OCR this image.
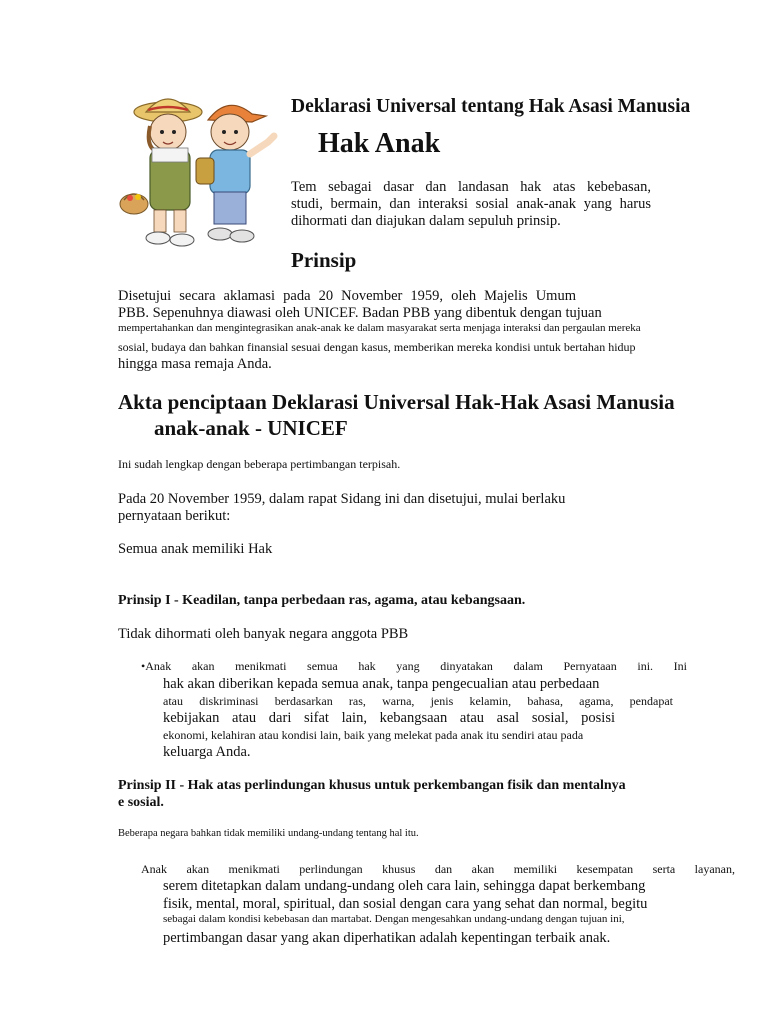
Deklarasi Universal tentang Hak Asasi Manusia
Hak Anak
Tem sebagai dasar dan landasan hak atas kebebasan,
studi, bermain, dan interaksi sosial anak-anak yang harus
dihormati dan diajukan dalam sepuluh prinsip.
Prinsip
Disetujui secara aklamasi pada 20 November 1959, oleh Majelis Umum
PBB. Sepenuhnya diawasi oleh UNICEF. Badan PBB yang dibentuk dengan tujuan
mempertahankan dan mengintegrasikan anak-anak ke dalam masyarakat serta menjaga interaksi dan pergaulan mereka
sosial, budaya dan bahkan finansial sesuai dengan kasus, memberikan mereka kondisi untuk bertahan hidup
hingga masa remaja Anda.
Akta penciptaan Deklarasi Universal Hak-Hak Asasi Manusia
anak-anak - UNICEF
Ini sudah lengkap dengan beberapa pertimbangan terpisah.
Pada 20 November 1959, dalam rapat Sidang ini dan disetujui, mulai berlaku
pernyataan berikut:
Semua anak memiliki Hak
Prinsip I - Keadilan, tanpa perbedaan ras, agama, atau kebangsaan.
Tidak dihormati oleh banyak negara anggota PBB
•Anak akan menikmati semua hak yang dinyatakan dalam Pernyataan ini. Ini
hak akan diberikan kepada semua anak, tanpa pengecualian atau perbedaan
atau diskriminasi berdasarkan ras, warna, jenis kelamin, bahasa, agama, pendapat
kebijakan atau dari sifat lain, kebangsaan atau asal sosial, posisi
ekonomi, kelahiran atau kondisi lain, baik yang melekat pada anak itu sendiri atau pada
keluarga Anda.
Prinsip II - Hak atas perlindungan khusus untuk perkembangan fisik dan mentalnya
e sosial.
Beberapa negara bahkan tidak memiliki undang-undang tentang hal itu.
Anak akan menikmati perlindungan khusus dan akan memiliki kesempatan serta layanan,
serem ditetapkan dalam undang-undang oleh cara lain, sehingga dapat berkembang
fisik, mental, moral, spiritual, dan sosial dengan cara yang sehat dan normal, begitu
sebagai dalam kondisi kebebasan dan martabat. Dengan mengesahkan undang-undang dengan tujuan ini,
pertimbangan dasar yang akan diperhatikan adalah kepentingan terbaik anak.
